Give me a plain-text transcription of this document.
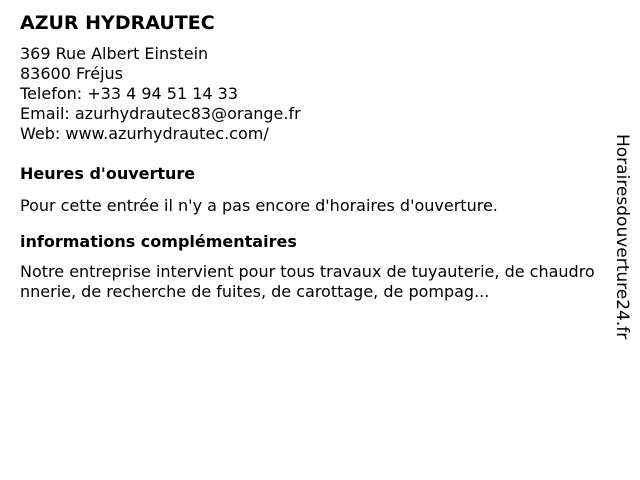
AZUR HYDRAUTEC
369 Rue Albert Einstein
83600 Fréjus
Telefon: +33 4 94 51 14 33
Email: azurhydrautec83@orange.fr
Web: www.azurhydrautec.com/
Heures d'ouverture
Pour cette entrée il n'y a pas encore d'horaires d'ouverture.
informations complémentaires
Notre entreprise intervient pour tous travaux de tuyauterie, de chaudronnerie, de recherche de fuites, de carottage, de pompag...	Horairesdouverture24.fr
